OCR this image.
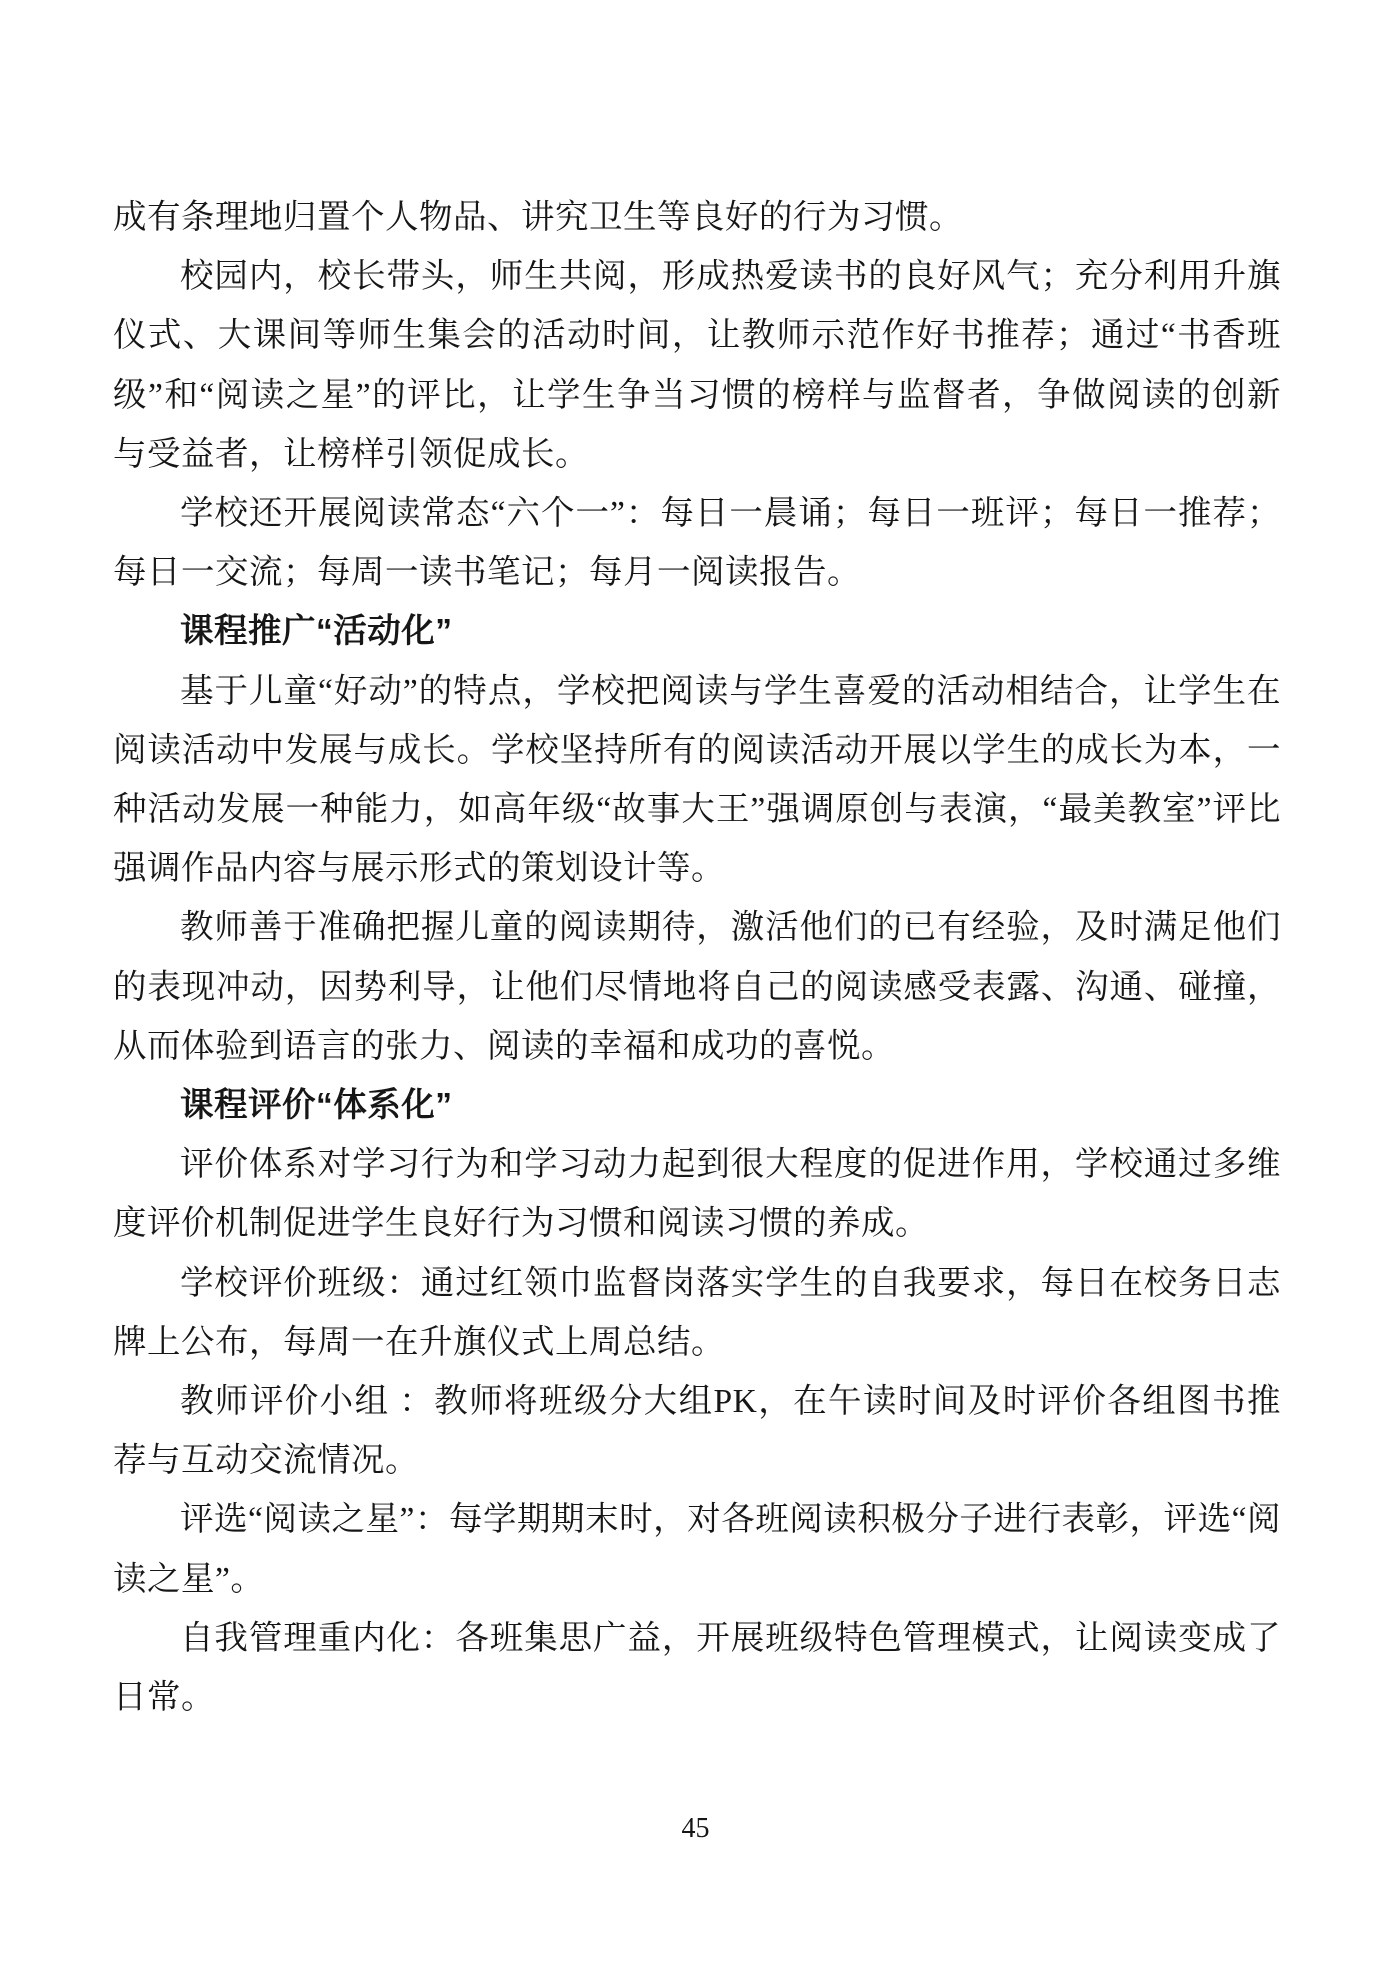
成有条理地归置个人物品、讲究卫生等良好的行为习惯。

校园内，校长带头，师生共阅，形成热爱读书的良好风气；充分利用升旗仪式、大课间等师生集会的活动时间，让教师示范作好书推荐；通过“书香班级”和“阅读之星”的评比，让学生争当习惯的榜样与监督者，争做阅读的创新与受益者，让榜样引领促成长。

学校还开展阅读常态“六个一”：每日一晨诵；每日一班评；每日一推荐；每日一交流；每周一读书笔记；每月一阅读报告。

课程推广“活动化”

基于儿童“好动”的特点，学校把阅读与学生喜爱的活动相结合，让学生在阅读活动中发展与成长。学校坚持所有的阅读活动开展以学生的成长为本，一种活动发展一种能力，如高年级“故事大王”强调原创与表演，“最美教室”评比强调作品内容与展示形式的策划设计等。

教师善于准确把握儿童的阅读期待，激活他们的已有经验，及时满足他们的表现冲动，因势利导，让他们尽情地将自己的阅读感受表露、沟通、碰撞，从而体验到语言的张力、阅读的幸福和成功的喜悦。

课程评价“体系化”

评价体系对学习行为和学习动力起到很大程度的促进作用，学校通过多维度评价机制促进学生良好行为习惯和阅读习惯的养成。

学校评价班级：通过红领巾监督岗落实学生的自我要求，每日在校务日志牌上公布，每周一在升旗仪式上周总结。

教师评价小组 ：教师将班级分大组PK，在午读时间及时评价各组图书推荐与互动交流情况。

评选“阅读之星”：每学期期末时，对各班阅读积极分子进行表彰，评选“阅读之星”。

自我管理重内化：各班集思广益，开展班级特色管理模式，让阅读变成了日常。

45
